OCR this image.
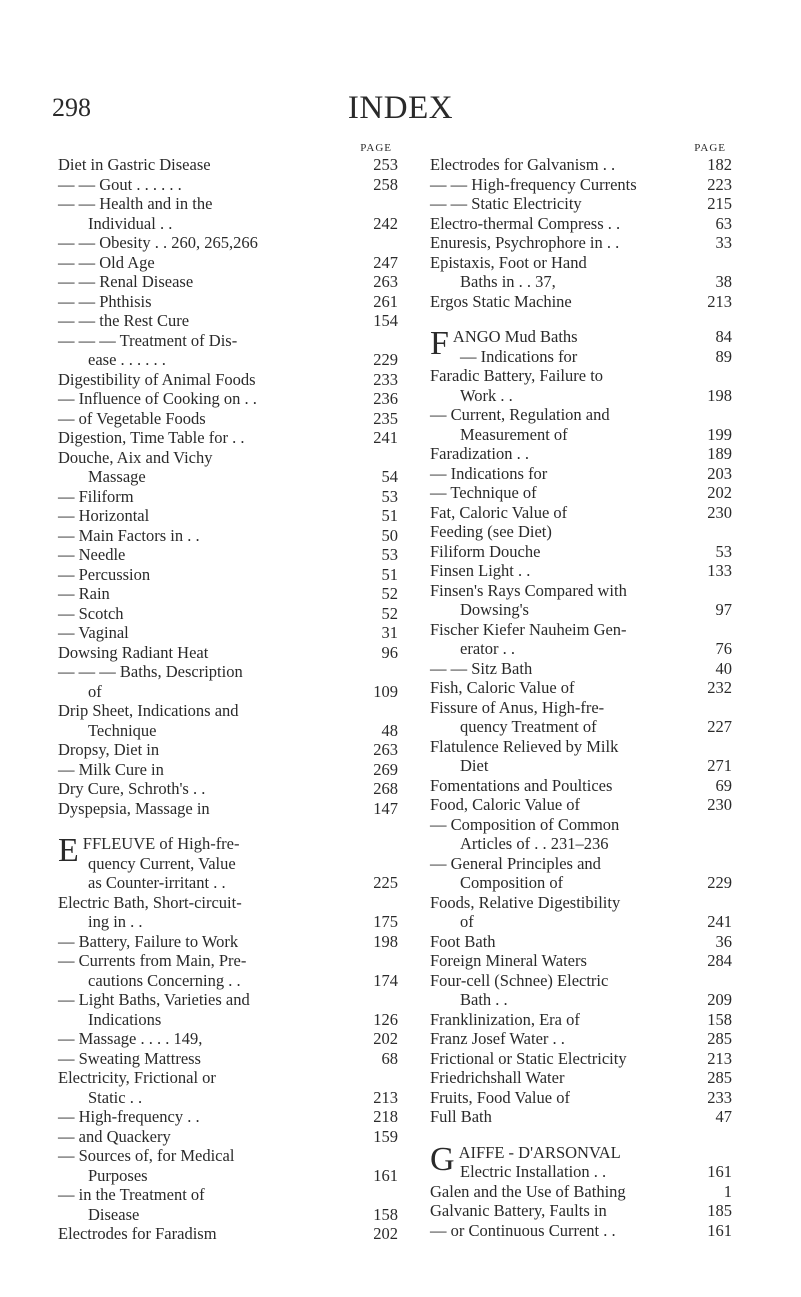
298	INDEX
PAGE
Diet in Gastric Disease	253
— — Gout . . . . . .	258
— — Health and in the
Individual . .	242
— — Obesity . . 260, 265,266
— — Old Age	247
— — Renal Disease	263
— — Phthisis	261
— — the Rest Cure	154
— — — Treatment of Dis-
ease . . . . . .	229
Digestibility of Animal Foods	233
— Influence of Cooking on . .	236
— of Vegetable Foods	235
Digestion, Time Table for . .	241
Douche, Aix and Vichy
Massage	54
— Filiform	53
— Horizontal	51
— Main Factors in . .	50
— Needle	53
— Percussion	51
— Rain	52
— Scotch	52
— Vaginal	31
Dowsing Radiant Heat	96
— — — Baths, Description
of	109
Drip Sheet, Indications and
Technique	48
Dropsy, Diet in	263
— Milk Cure in	269
Dry Cure, Schroth's . .	268
Dyspepsia, Massage in	147
EFFLEUVE of High-fre-
quency Current, Value
as Counter-irritant . .	225
Electric Bath, Short-circuit-
ing in . .	175
— Battery, Failure to Work	198
— Currents from Main, Pre-
cautions Concerning . .	174
— Light Baths, Varieties and
Indications	126
— Massage . . . . 149,	202
— Sweating Mattress	68
Electricity, Frictional or
Static . .	213
— High-frequency . .	218
— and Quackery	159
— Sources of, for Medical
Purposes	161
— in the Treatment of
Disease	158
Electrodes for Faradism	202
PAGE
Electrodes for Galvanism . .	182
— — High-frequency Currents	223
— — Static Electricity	215
Electro-thermal Compress . .	63
Enuresis, Psychrophore in . .	33
Epistaxis, Foot or Hand
Baths in . . 37,	38
Ergos Static Machine	213
FANGO Mud Baths	84
— Indications for	89
Faradic Battery, Failure to
Work . .	198
— Current, Regulation and
Measurement of	199
Faradization . .	189
— Indications for	203
— Technique of	202
Fat, Caloric Value of	230
Feeding (see Diet)
Filiform Douche	53
Finsen Light . .	133
Finsen's Rays Compared with
Dowsing's	97
Fischer Kiefer Nauheim Gen-
erator . .	76
— — Sitz Bath	40
Fish, Caloric Value of	232
Fissure of Anus, High-fre-
quency Treatment of	227
Flatulence Relieved by Milk
Diet	271
Fomentations and Poultices	69
Food, Caloric Value of	230
— Composition of Common
Articles of . . 231–236
— General Principles and
Composition of	229
Foods, Relative Digestibility
of	241
Foot Bath	36
Foreign Mineral Waters	284
Four-cell (Schnee) Electric
Bath . .	209
Franklinization, Era of	158
Franz Josef Water . .	285
Frictional or Static Electricity	213
Friedrichshall Water	285
Fruits, Food Value of	233
Full Bath	47
GAIFFE - D'ARSONVAL
Electric Installation . .	161
Galen and the Use of Bathing	1
Galvanic Battery, Faults in	185
— or Continuous Current . .	161
